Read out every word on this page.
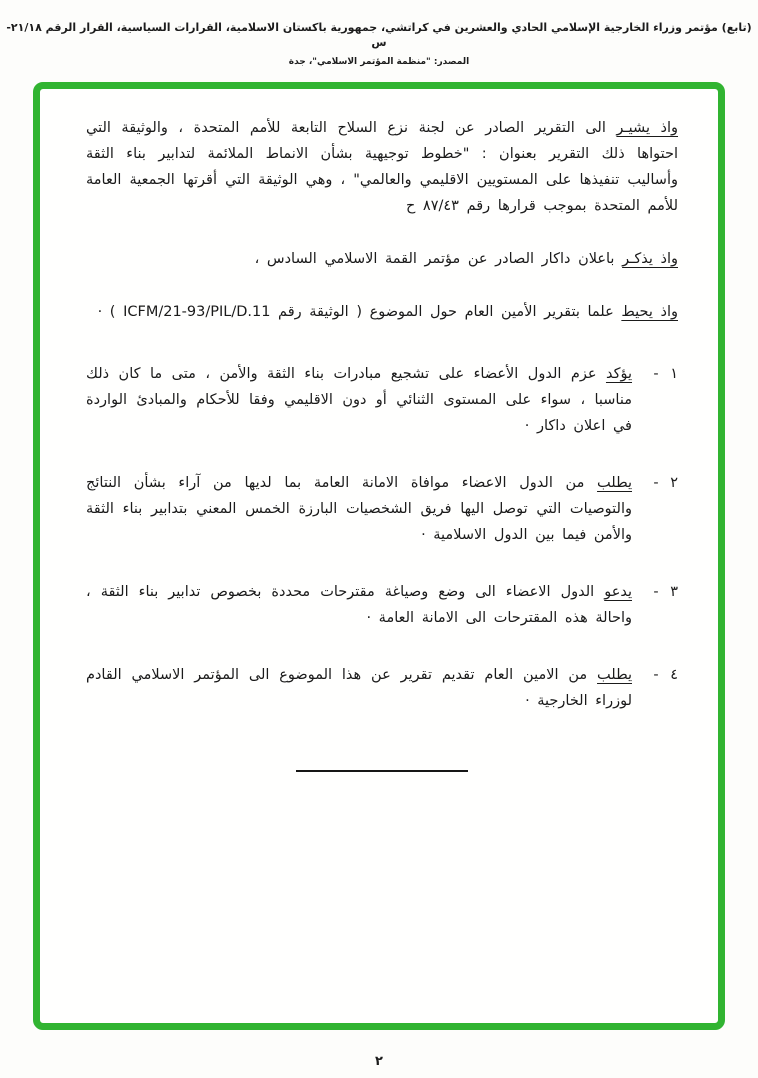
(تابع) مؤتمر وزراء الخارجية الإسلامي الحادي والعشرين في كراتشي، جمهورية باكستان الاسلامية، القرارات السياسية، القرار الرقم ٢١/١٨-س
المصدر: "منظمة المؤتمر الاسلامي"، جدة

واذ يشيـر الى التقرير الصادر عن لجنة نزع السلاح التابعة للأمم المتحدة ، والوثيقة التي احتواها ذلك التقرير بعنوان : "خطوط توجيهية بشأن الانماط الملائمة لتدابير بناء الثقة وأساليب تنفيذها على المستويين الاقليمي والعالمي" ، وهي الوثيقة التي أقرتها الجمعية العامة للأمم المتحدة بموجب قرارها رقم ٨٧/٤٣ ح

واذ يذكـر باعلان داكار الصادر عن مؤتمر القمة الاسلامي السادس ،

واذ يحيط علما بتقرير الأمين العام حول الموضوع ( الوثيقة رقم ICFM/21-93/PIL/D.11 ) ·

١ -

يؤكد عزم الدول الأعضاء على تشجيع مبادرات بناء الثقة والأمن ، متى ما كان ذلك مناسبا ، سواء على المستوى الثنائي أو دون الاقليمي وفقا للأحكام والمبادئ الواردة في اعلان داكار ·

٢ -

يطلب من الدول الاعضاء موافاة الامانة العامة بما لديها من آراء بشأن النتائج والتوصيات التي توصل اليها فريق الشخصيات البارزة الخمس المعني بتدابير بناء الثقة والأمن فيما بين الدول الاسلامية ·

٣ -

يدعو الدول الاعضاء الى وضع وصياغة مقترحات محددة بخصوص تدابير بناء الثقة ، واحالة هذه المقترحات الى الامانة العامة ·

٤ -

يطلب من الامين العام تقديم تقرير عن هذا الموضوع الى المؤتمر الاسلامي القادم لوزراء الخارجية ·

٢
